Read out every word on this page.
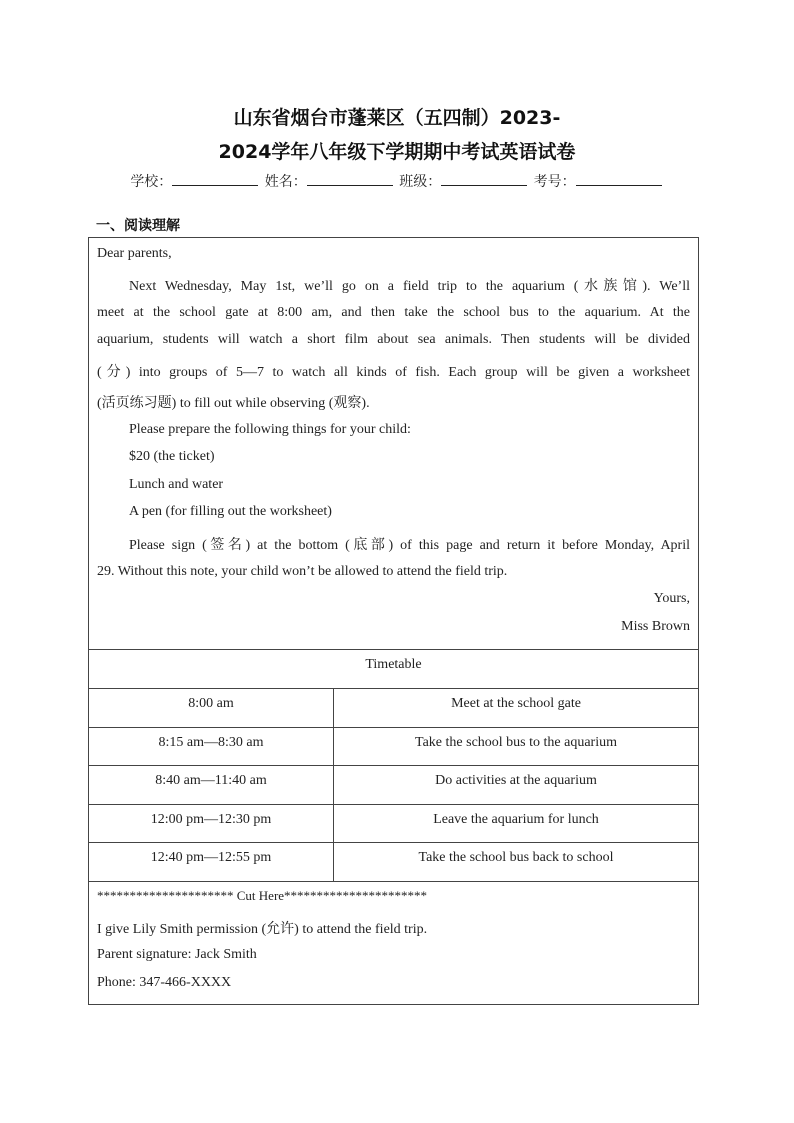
山东省烟台市蓬莱区（五四制）2023-
2024学年八年级下学期期中考试英语试卷
学校：	姓名：	班级：	考号：
一、阅读理解
Dear parents,
Next Wednesday, May 1st, we’ll go on a field trip to the aquarium (水族馆). We’ll
meet at the school gate at 8:00 am, and then take the school bus to the aquarium. At the
aquarium, students will watch a short film about sea animals. Then students will be divided
(分) into groups of 5—7 to watch all kinds of fish. Each group will be given a worksheet
(活页练习题) to fill out while observing (观察).
Please prepare the following things for your child:
$20 (the ticket)
Lunch and water
A pen (for filling out the worksheet)
Please sign (签名) at the bottom (底部) of this page and return it before Monday, April
29. Without this note, your child won’t be allowed to attend the field trip.
Yours,
Miss Brown
Timetable
8:00 am	Meet at the school gate
8:15 am—8:30 am	Take the school bus to the aquarium
8:40 am—11:40 am	Do activities at the aquarium
12:00 pm—12:30 pm	Leave the aquarium for lunch
12:40 pm—12:55 pm	Take the school bus back to school
********************* Cut Here**********************
I give Lily Smith permission (允许) to attend the field trip.
Parent signature: Jack Smith
Phone: 347-466-XXXX
